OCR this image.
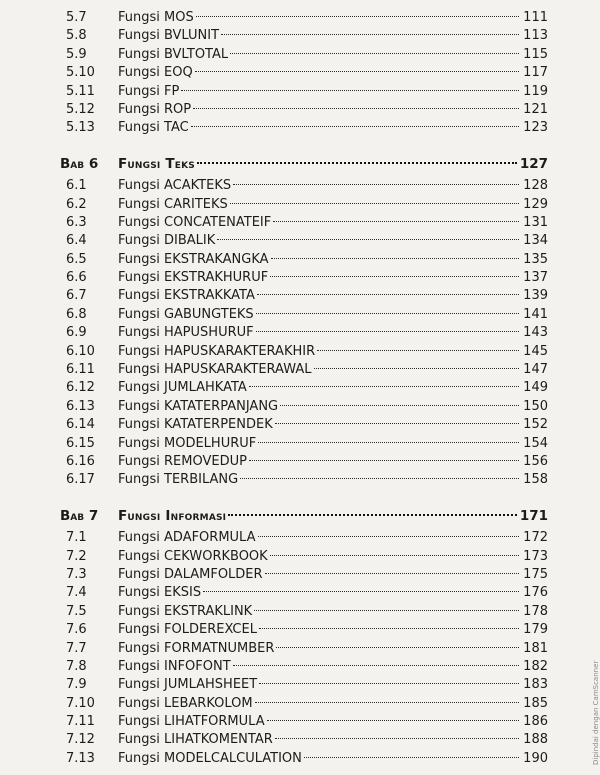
5.7	Fungsi MOS	111
5.8	Fungsi BVLUNIT	113
5.9	Fungsi BVLTOTAL	115
5.10	Fungsi EOQ	117
5.11	Fungsi FP	119
5.12	Fungsi ROP	121
5.13	Fungsi TAC	123
Bab 6	Fungsi Teks	127
6.1	Fungsi ACAKTEKS	128
6.2	Fungsi CARITEKS	129
6.3	Fungsi CONCATENATEIF	131
6.4	Fungsi DIBALIK	134
6.5	Fungsi EKSTRAKANGKA	135
6.6	Fungsi EKSTRAKHURUF	137
6.7	Fungsi EKSTRAKKATA	139
6.8	Fungsi GABUNGTEKS	141
6.9	Fungsi HAPUSHURUF	143
6.10	Fungsi HAPUSKARAKTERAKHIR	145
6.11	Fungsi HAPUSKARAKTERAWAL	147
6.12	Fungsi JUMLAHKATA	149
6.13	Fungsi KATATERPANJANG	150
6.14	Fungsi KATATERPENDEK	152
6.15	Fungsi MODELHURUF	154
6.16	Fungsi REMOVEDUP	156
6.17	Fungsi TERBILANG	158
Bab 7	Fungsi Informasi	171
7.1	Fungsi ADAFORMULA	172
7.2	Fungsi CEKWORKBOOK	173
7.3	Fungsi DALAMFOLDER	175
7.4	Fungsi EKSIS	176
7.5	Fungsi EKSTRAKLINK	178
7.6	Fungsi FOLDEREXCEL	179
7.7	Fungsi FORMATNUMBER	181
7.8	Fungsi INFOFONT	182
7.9	Fungsi JUMLAHSHEET	183
7.10	Fungsi LEBARKOLOM	185
7.11	Fungsi LIHATFORMULA	186
7.12	Fungsi LIHATKOMENTAR	188
7.13	Fungsi MODELCALCULATION	190	Dipindai dengan CamScanner
